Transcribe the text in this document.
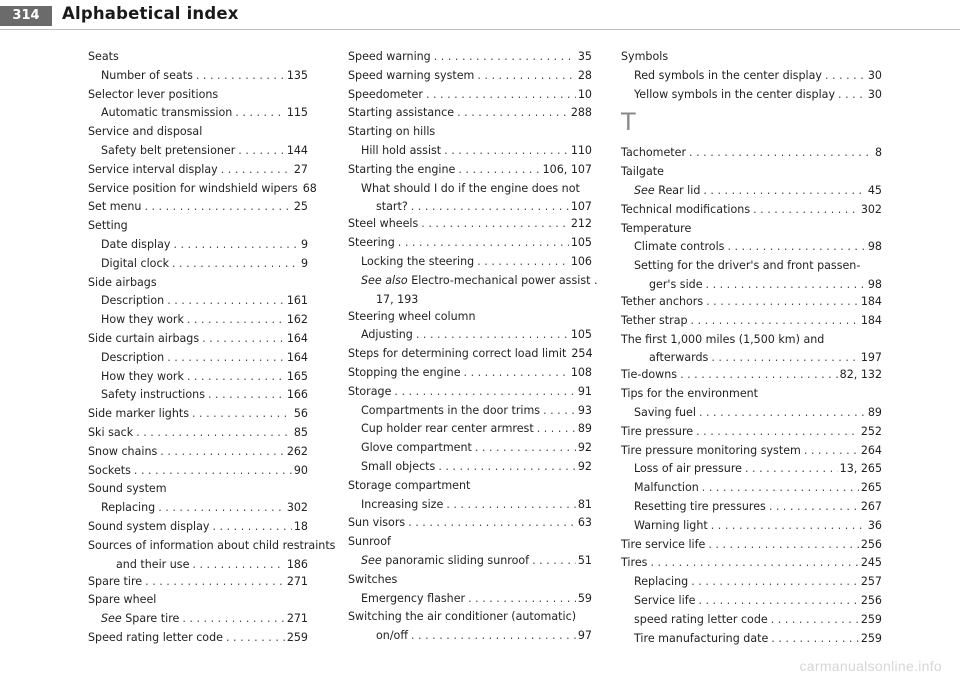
314	Alphabetical index
Seats
Number of seats . . .	135
Selector lever positions
Automatic transmission . . .	115
Service and disposal
Safety belt pretensioner . . .	144
Service interval display . . .	27
Service position for windshield wipers 68
Set menu . . .	25
Setting
Date display . . .	9
Digital clock . . .	9
Side airbags
Description . . .	161
How they work . . .	162
Side curtain airbags . . .	164
Description . . .	164
How they work . . .	165
Safety instructions . . .	166
Side marker lights . . .	56
Ski sack . . .	85
Snow chains . . .	262
Sockets . . .	90
Sound system
Replacing . . .	302
Sound system display . . .	18
Sources of information about child restraints
and their use . . .	186
Spare tire . . .	271
Spare wheel
See Spare tire . . .	271
Speed rating letter code . . .	259
Speed warning . . .	35
Speed warning system . . .	28
Speedometer . . .	10
Starting assistance . . .	288
Starting on hills
Hill hold assist . . .	110
Starting the engine . . .	106, 107
What should I do if the engine does not
start? . . .	107
Steel wheels . . .	212
Steering . . .	105
Locking the steering . . .	106
See also Electro-mechanical power assist .
17, 193
Steering wheel column
Adjusting . . .	105
Steps for determining correct load limit 254
Stopping the engine . . .	108
Storage . . .	91
Compartments in the door trims . . .	93
Cup holder rear center armrest . . .	89
Glove compartment . . .	92
Small objects . . .	92
Storage compartment
Increasing size . . .	81
Sun visors . . .	63
Sunroof
See panoramic sliding sunroof . . .	51
Switches
Emergency flasher . . .	59
Switching the air conditioner (automatic)
on/off . . .	97
Symbols
Red symbols in the center display . . .	30
Yellow symbols in the center display . . .	30
T
Tachometer . . .	8
Tailgate
See Rear lid . . .	45
Technical modifications . . .	302
Temperature
Climate controls . . .	98
Setting for the driver's and front passen-
ger's side . . .	98
Tether anchors . . .	184
Tether strap . . .	184
The first 1,000 miles (1,500 km) and
afterwards . . .	197
Tie-downs . . .	82, 132
Tips for the environment
Saving fuel . . .	89
Tire pressure . . .	252
Tire pressure monitoring system . . .	264
Loss of air pressure . . .	13, 265
Malfunction . . .	265
Resetting tire pressures . . .	267
Warning light . . .	36
Tire service life . . .	256
Tires . . .	245
Replacing . . .	257
Service life . . .	256
speed rating letter code . . .	259
Tire manufacturing date . . .	259
carmanualsonline.info
